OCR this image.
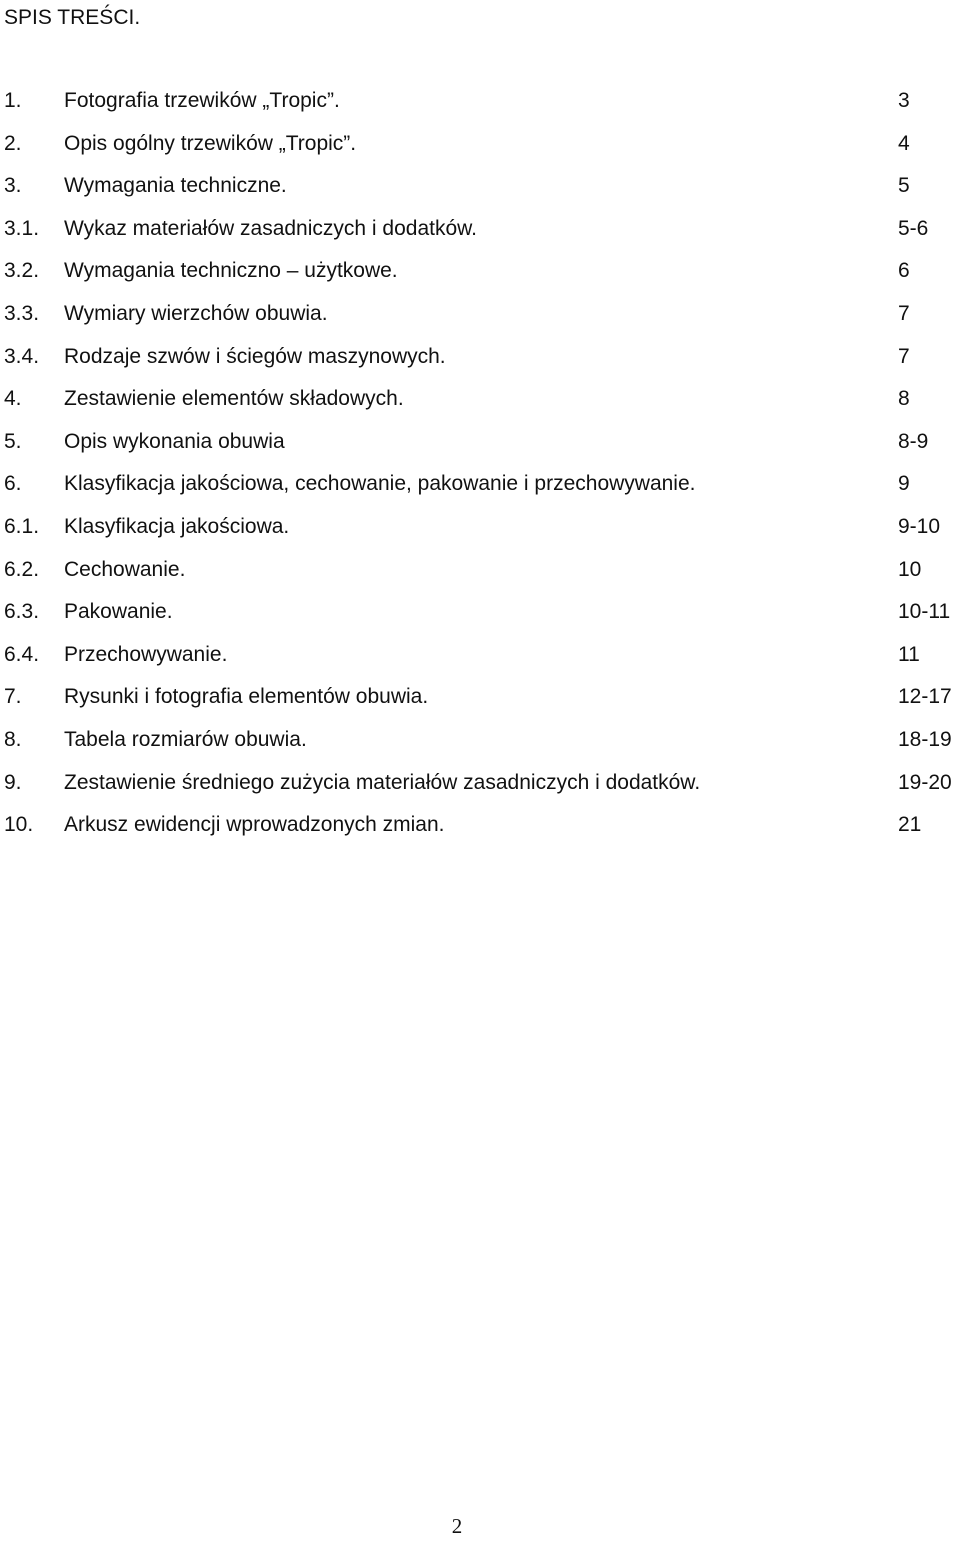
SPIS TREŚCI.
1. Fotografia trzewików „Tropic”.	3
2. Opis ogólny trzewików „Tropic”.	4
3. Wymagania techniczne.	5
3.1. Wykaz materiałów zasadniczych i dodatków.	5-6
3.2. Wymagania techniczno – użytkowe.	6
3.3. Wymiary wierzchów obuwia.	7
3.4. Rodzaje szwów i ściegów maszynowych.	7
4. Zestawienie elementów składowych.	8
5. Opis wykonania obuwia	8-9
6. Klasyfikacja jakościowa, cechowanie, pakowanie i przechowywanie.	9
6.1. Klasyfikacja jakościowa.	9-10
6.2. Cechowanie.	10
6.3. Pakowanie.	10-11
6.4. Przechowywanie.	11
7. Rysunki i fotografia elementów obuwia.	12-17
8. Tabela rozmiarów obuwia.	18-19
9. Zestawienie średniego zużycia materiałów zasadniczych i dodatków.	19-20
10. Arkusz ewidencji wprowadzonych zmian.	21
2
